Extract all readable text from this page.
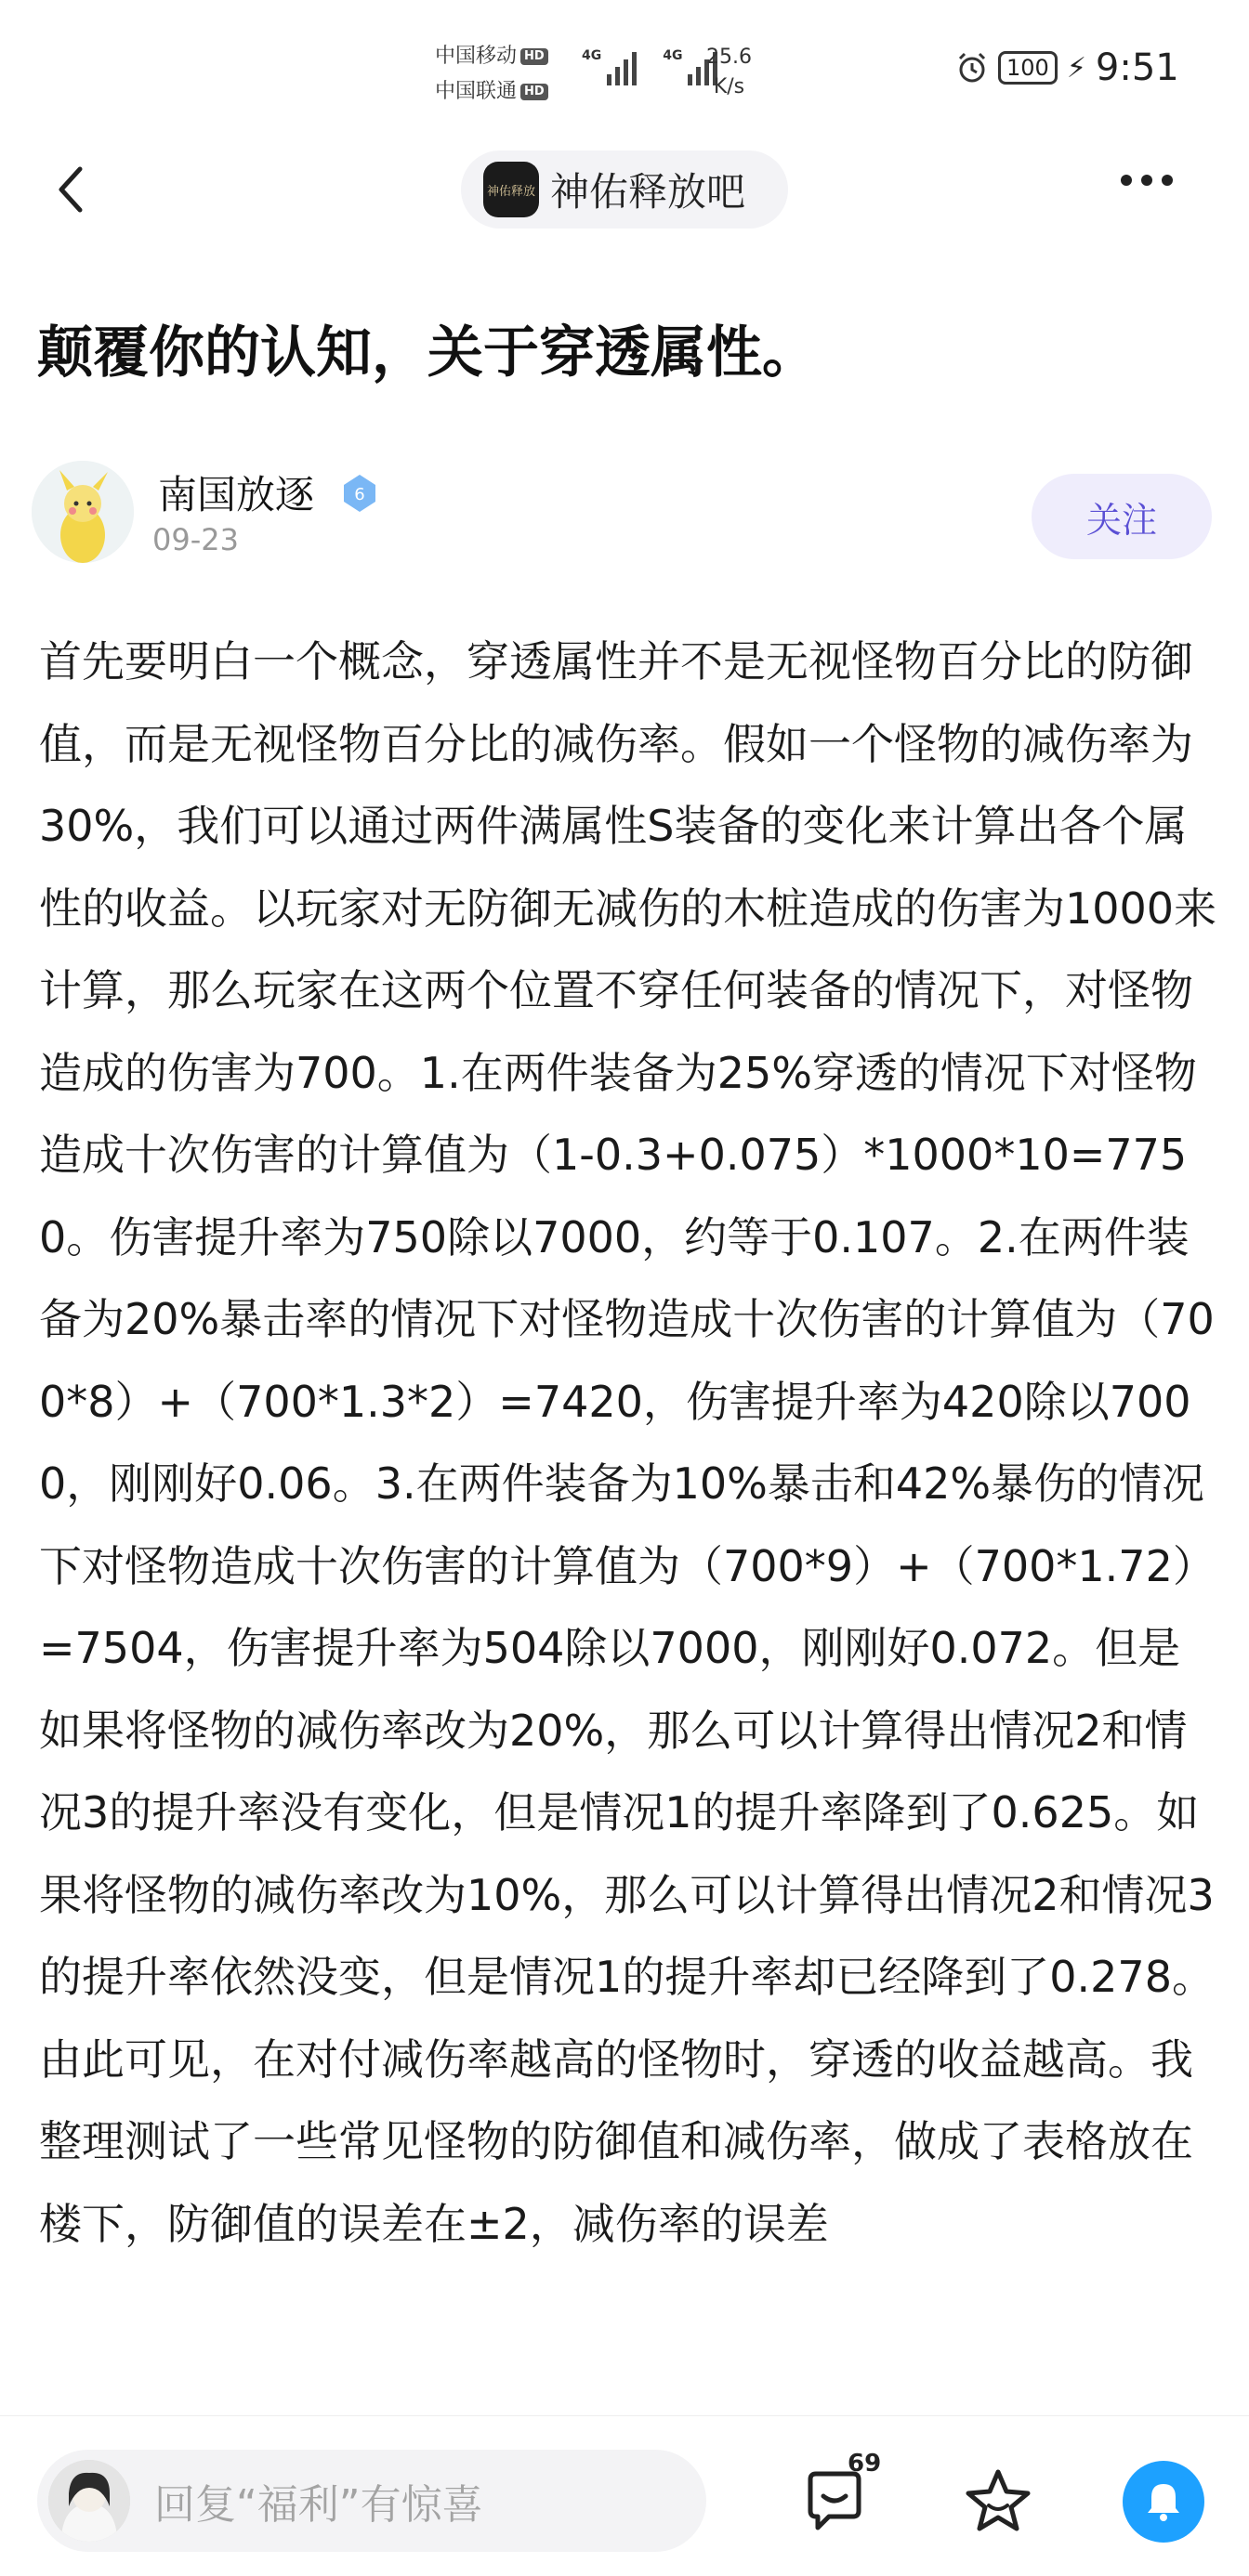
中国移动 HD
中国联通 HD
4G	4G 25.6
K/s
100 ⚡ 9:51
神佑释放 神佑释放吧
颠覆你的认知，关于穿透属性。
南国放逐 6
09-23	关注

首先要明白一个概念，穿透属性并不是无视怪物百分比的防御值，而是无视怪物百分比的减伤率。假如一个怪物的减伤率为30%，我们可以通过两件满属性S装备的变化来计算出各个属性的收益。以玩家对无防御无减伤的木桩造成的伤害为1000来计算，那么玩家在这两个位置不穿任何装备的情况下，对怪物造成的伤害为700。1.在两件装备为25%穿透的情况下对怪物造成十次伤害的计算值为（1-0.3+0.075）*1000*10=7750。伤害提升率为750除以7000，约等于0.107。2.在两件装备为20%暴击率的情况下对怪物造成十次伤害的计算值为（700*8）+（700*1.3*2）=7420，伤害提升率为420除以7000，刚刚好0.06。3.在两件装备为10%暴击和42%暴伤的情况下对怪物造成十次伤害的计算值为（700*9）+（700*1.72）=7504，伤害提升率为504除以7000，刚刚好0.072。但是如果将怪物的减伤率改为20%，那么可以计算得出情况2和情况3的提升率没有变化，但是情况1的提升率降到了0.625。如果将怪物的减伤率改为10%，那么可以计算得出情况2和情况3的提升率依然没变，但是情况1的提升率却已经降到了0.278。由此可见，在对付减伤率越高的怪物时，穿透的收益越高。我整理测试了一些常见怪物的防御值和减伤率，做成了表格放在楼下，防御值的误差在±2，减伤率的误差

回复“福利”有惊喜
69
